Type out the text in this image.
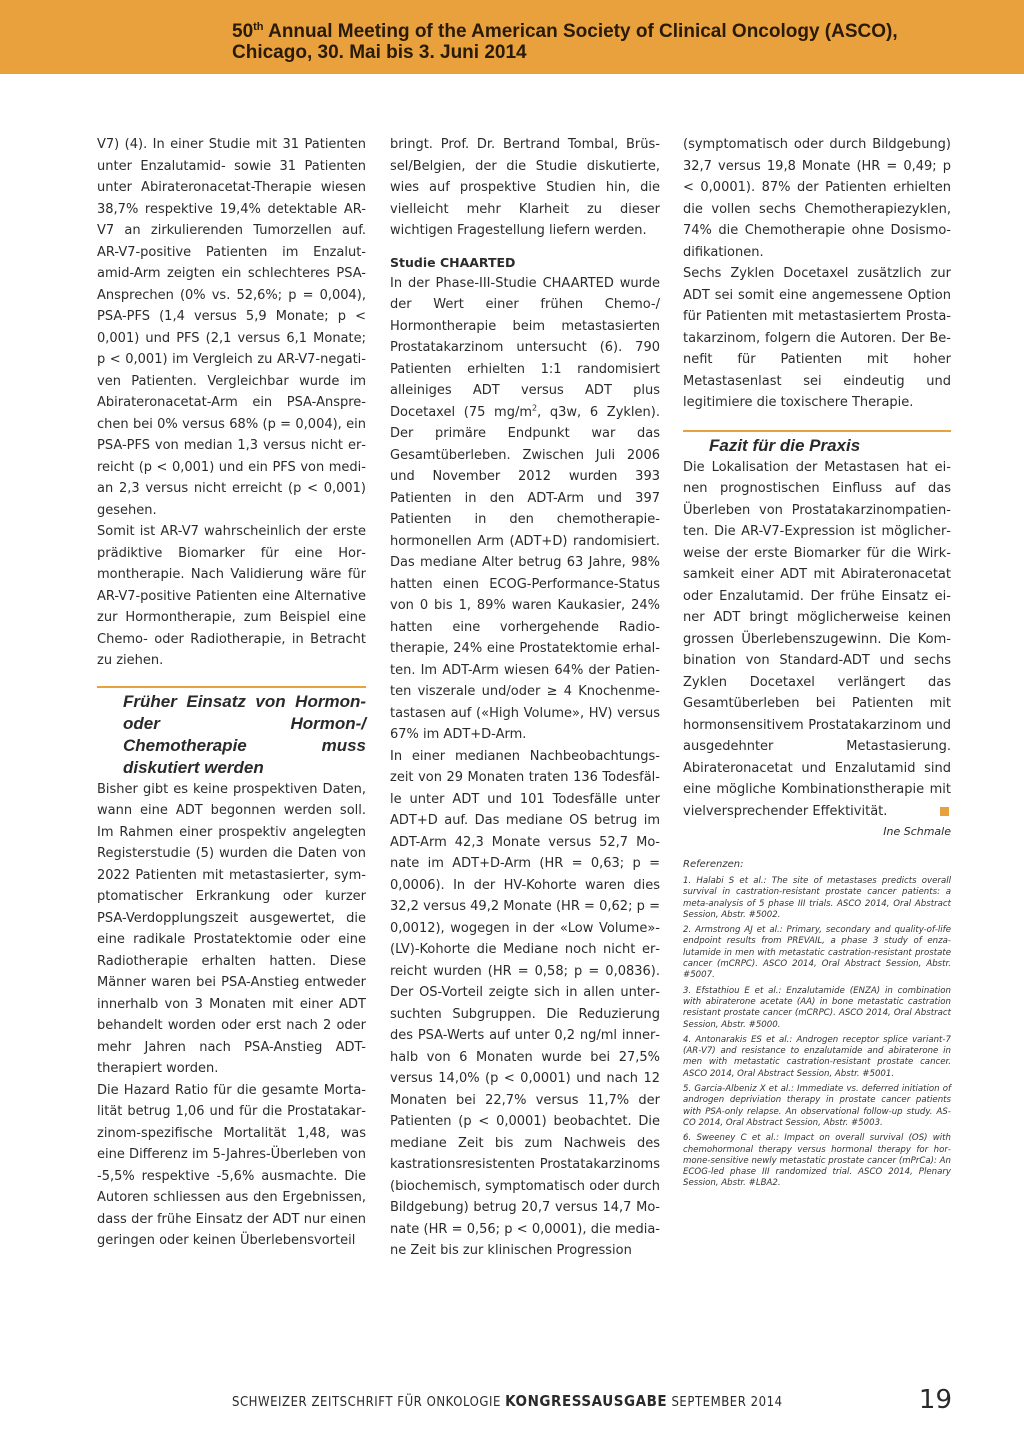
50th Annual Meeting of the American Society of Clinical Oncology (ASCO),
Chicago, 30. Mai bis 3. Juni 2014

V7) (4). In einer Studie mit 31 Patienten unter Enzalutamid- sowie 31 Patienten unter Abirateronacetat-Therapie wiesen 38,7% respektive 19,4% detektable AR-V7 an zirkulierenden Tumorzellen auf. AR-V7-positive Patienten im Enzalutamid-Arm zeigten ein schlechteres PSA-Ansprechen (0% vs. 52,6%; p = 0,004), PSA-PFS (1,4 versus 5,9 Monate; p < 0,001) und PFS (2,1 versus 6,1 Monate; p < 0,001) im Vergleich zu AR-V7-negativen Patienten. Vergleichbar wurde im Abirateronacetat-Arm ein PSA-Ansprechen bei 0% versus 68% (p = 0,004), ein PSA-PFS von median 1,3 versus nicht erreicht (p < 0,001) und ein PFS von median 2,3 versus nicht erreicht (p < 0,001) gesehen.

Somit ist AR-V7 wahrscheinlich der erste prädiktive Biomarker für eine Hormontherapie. Nach Validierung wäre für AR-V7-positive Patienten eine Alternative zur Hormontherapie, zum Beispiel eine Chemo- oder Radiotherapie, in Betracht zu ziehen.

Früher Einsatz von Hormon- oder Hormon-/ Chemotherapie muss diskutiert werden

Bisher gibt es keine prospektiven Daten, wann eine ADT begonnen werden soll. Im Rahmen einer prospektiv angelegten Registerstudie (5) wurden die Daten von 2022 Patienten mit metastasierter, symptomatischer Erkrankung oder kurzer PSA-Verdopplungszeit ausgewertet, die eine radikale Prostatektomie oder eine Radiotherapie erhalten hatten. Diese Männer waren bei PSA-Anstieg entweder innerhalb von 3 Monaten mit einer ADT behandelt worden oder erst nach 2 oder mehr Jahren nach PSA-Anstieg ADT-therapiert worden.

Die Hazard Ratio für die gesamte Mortalität betrug 1,06 und für die Prostatakarzinom-spezifische Mortalität 1,48, was eine Differenz im 5-Jahres-Überleben von -5,5% respektive -5,6% ausmachte. Die Autoren schliessen aus den Ergebnissen, dass der frühe Einsatz der ADT nur einen geringen oder keinen Überlebensvorteil

bringt. Prof. Dr. Bertrand Tombal, Brüssel/Belgien, der die Studie diskutierte, wies auf prospektive Studien hin, die vielleicht mehr Klarheit zu dieser wichtigen Fragestellung liefern werden.

Studie CHAARTED

In der Phase-III-Studie CHAARTED wurde der Wert einer frühen Chemo-/ Hormontherapie beim metastasierten Prostatakarzinom untersucht (6). 790 Patienten erhielten 1:1 randomisiert alleiniges ADT versus ADT plus Docetaxel (75 $mg/m^2$, q3w, 6 Zyklen). Der primäre Endpunkt war das Gesamtüberleben. Zwischen Juli 2006 und November 2012 wurden 393 Patienten in den ADT-Arm und 397 Patienten in den chemotherapie-hormonellen Arm (ADT+D) randomisiert. Das mediane Alter betrug 63 Jahre, 98% hatten einen ECOG-Performance-Status von 0 bis 1, 89% waren Kaukasier, 24% hatten eine vorhergehende Radiotherapie, 24% eine Prostatektomie erhalten. Im ADT-Arm wiesen 64% der Patienten viszerale und/oder ≥ 4 Knochenmetastasen auf («High Volume», HV) versus 67% im ADT+D-Arm.

In einer medianen Nachbeobachtungszeit von 29 Monaten traten 136 Todesfälle unter ADT und 101 Todesfälle unter ADT+D auf. Das mediane OS betrug im ADT-Arm 42,3 Monate versus 52,7 Monate im ADT+D-Arm (HR = 0,63; p = 0,0006). In der HV-Kohorte waren dies 32,2 versus 49,2 Monate (HR = 0,62; p = 0,0012), wogegen in der «Low Volume»-(LV)-Kohorte die Mediane noch nicht erreicht wurden (HR = 0,58; p = 0,0836). Der OS-Vorteil zeigte sich in allen untersuchten Subgruppen. Die Reduzierung des PSA-Werts auf unter 0,2 ng/ml innerhalb von 6 Monaten wurde bei 27,5% versus 14,0% (p < 0,0001) und nach 12 Monaten bei 22,7% versus 11,7% der Patienten (p < 0,0001) beobachtet. Die mediane Zeit bis zum Nachweis des kastrationsresistenten Prostatakarzinoms (biochemisch, symptomatisch oder durch Bildgebung) betrug 20,7 versus 14,7 Monate (HR = 0,56; p < 0,0001), die mediane Zeit bis zur klinischen Progression

(symptomatisch oder durch Bildgebung) 32,7 versus 19,8 Monate (HR = 0,49; p < 0,0001). 87% der Patienten erhielten die vollen sechs Chemotherapiezyklen, 74% die Chemotherapie ohne Dosismodifikationen.

Sechs Zyklen Docetaxel zusätzlich zur ADT sei somit eine angemessene Option für Patienten mit metastasiertem Prostatakarzinom, folgern die Autoren. Der Benefit für Patienten mit hoher Metastasenlast sei eindeutig und legitimiere die toxischere Therapie.

Fazit für die Praxis

Die Lokalisation der Metastasen hat einen prognostischen Einfluss auf das Überleben von Prostatakarzinompatienten. Die AR-V7-Expression ist möglicherweise der erste Biomarker für die Wirksamkeit einer ADT mit Abirateronacetat oder Enzalutamid. Der frühe Einsatz einer ADT bringt möglicherweise keinen grossen Überlebenszugewinn. Die Kombination von Standard-ADT und sechs Zyklen Docetaxel verlängert das Gesamtüberleben bei Patienten mit hormonsensitivem Prostatakarzinom und ausgedehnter Metastasierung. Abirateronacetat und Enzalutamid sind eine mögliche Kombinationstherapie mit vielversprechender Effektivität.

Ine Schmale
Referenzen:
1. Halabi S et al.: The site of metastases predicts overall survival in castration-resistant prostate cancer patients: a meta-analysis of 5 phase III trials. ASCO 2014, Oral Abstract Session, Abstr. #5002.
2. Armstrong AJ et al.: Primary, secondary and quality-of-life endpoint results from PREVAIL, a phase 3 study of enzalutamide in men with metastatic castration-resistant prostate cancer (mCRPC). ASCO 2014, Oral Abstract Session, Abstr. #5007.
3. Efstathiou E et al.: Enzalutamide (ENZA) in combination with abiraterone acetate (AA) in bone metastatic castration resistant prostate cancer (mCRPC). ASCO 2014, Oral Abstract Session, Abstr. #5000.
4. Antonarakis ES et al.: Androgen receptor splice variant-7 (AR-V7) and resistance to enzalutamide and abiraterone in men with metastatic castration-resistant prostate cancer. ASCO 2014, Oral Abstract Session, Abstr. #5001.
5. Garcia-Albeniz X et al.: Immediate vs. deferred initiation of androgen depriviation therapy in prostate cancer patients with PSA-only relapse. An observational follow-up study. ASCO 2014, Oral Abstract Session, Abstr. #5003.
6. Sweeney C et al.: Impact on overall survival (OS) with chemohormonal therapy versus hormonal therapy for hormone-sensitive newly metastatic prostate cancer (mPrCa): An ECOG-led phase III randomized trial. ASCO 2014, Plenary Session, Abstr. #LBA2.
SCHWEIZER ZEITSCHRIFT FÜR ONKOLOGIE KONGRESSAUSGABE SEPTEMBER 2014	19
